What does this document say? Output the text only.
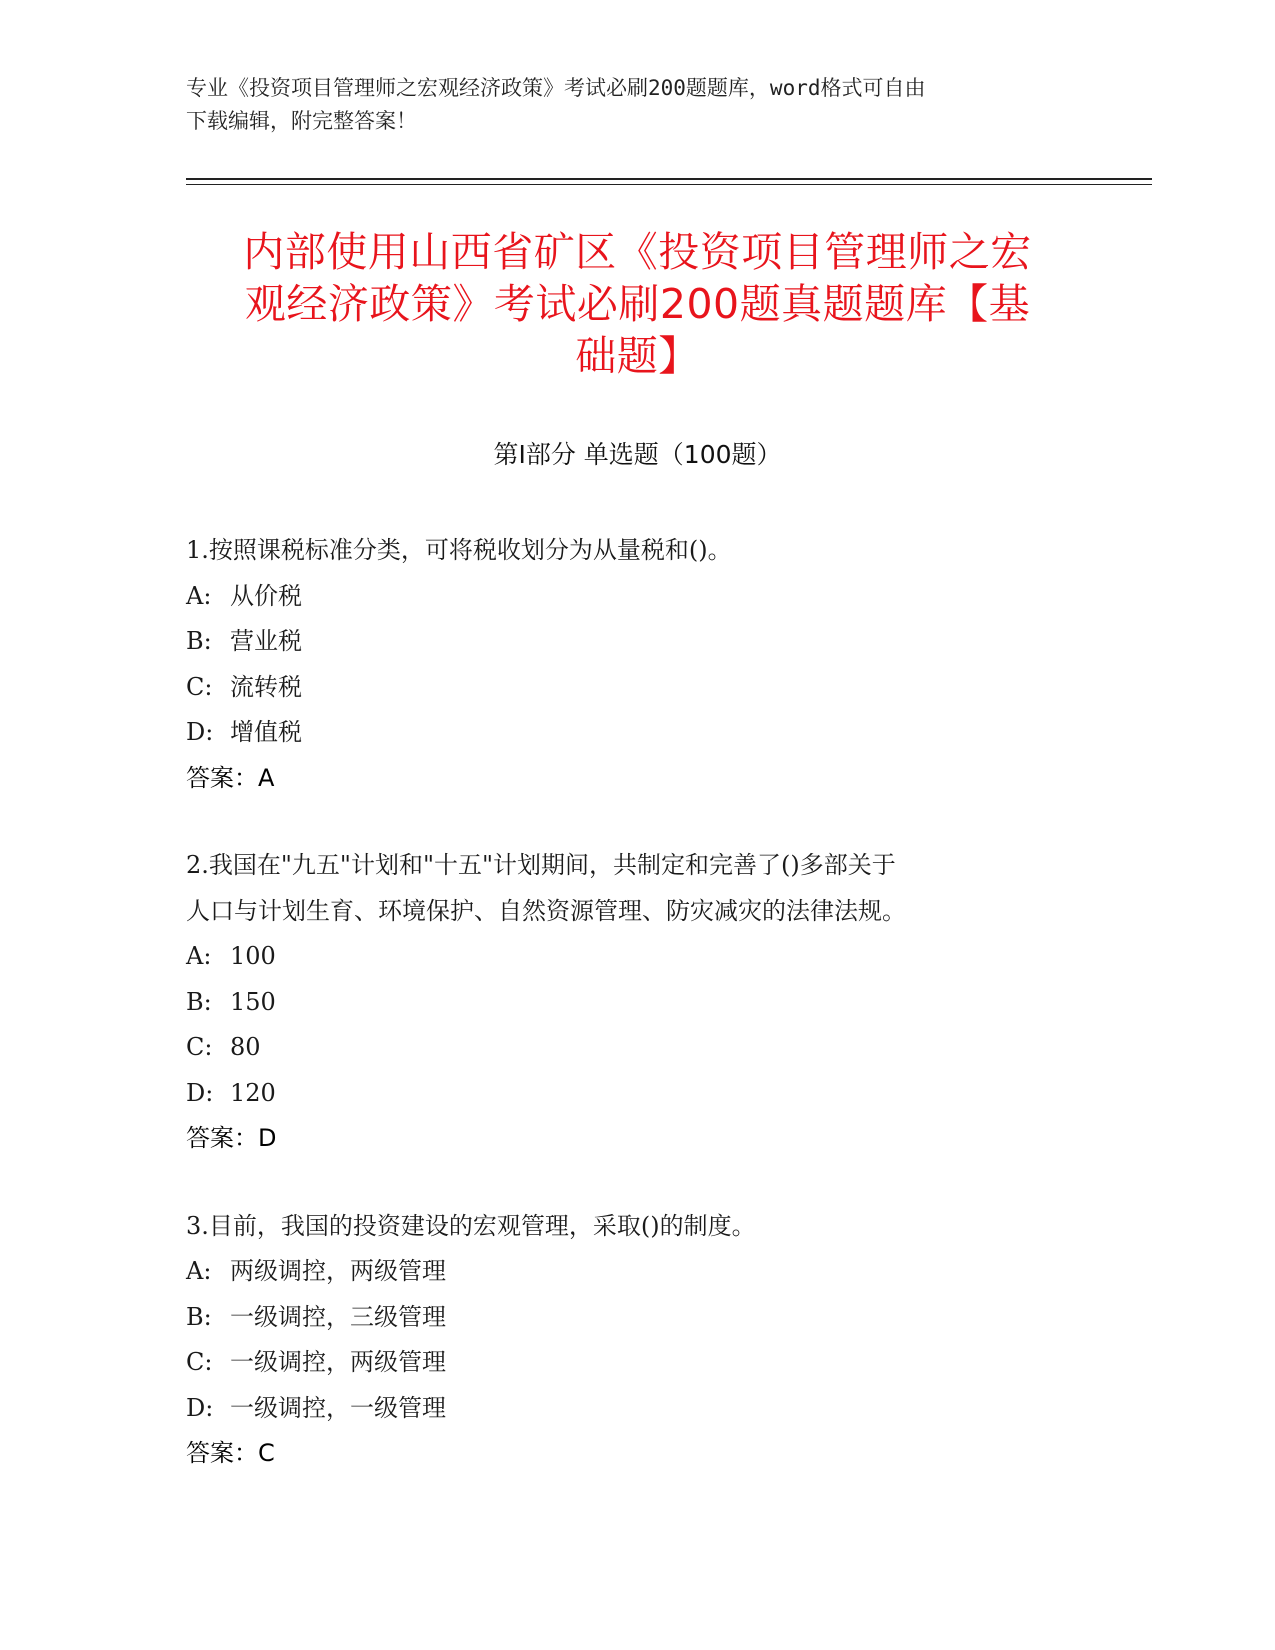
专业《投资项目管理师之宏观经济政策》考试必刷200题题库，word格式可自由
下载编辑，附完整答案！
内部使用山西省矿区《投资项目管理师之宏
观经济政策》考试必刷200题真题题库【基
础题】
第I部分 单选题（100题）

1.按照课税标准分类，可将税收划分为从量税和()。

A: 从价税

B: 营业税

C: 流转税

D: 增值税

答案：A

2.我国在"九五"计划和"十五"计划期间，共制定和完善了()多部关于

人口与计划生育、环境保护、自然资源管理、防灾减灾的法律法规。

A: 100

B: 150

C: 80

D: 120

答案：D

3.目前，我国的投资建设的宏观管理，采取()的制度。

A: 两级调控，两级管理

B: 一级调控，三级管理

C: 一级调控，两级管理

D: 一级调控，一级管理

答案：C
